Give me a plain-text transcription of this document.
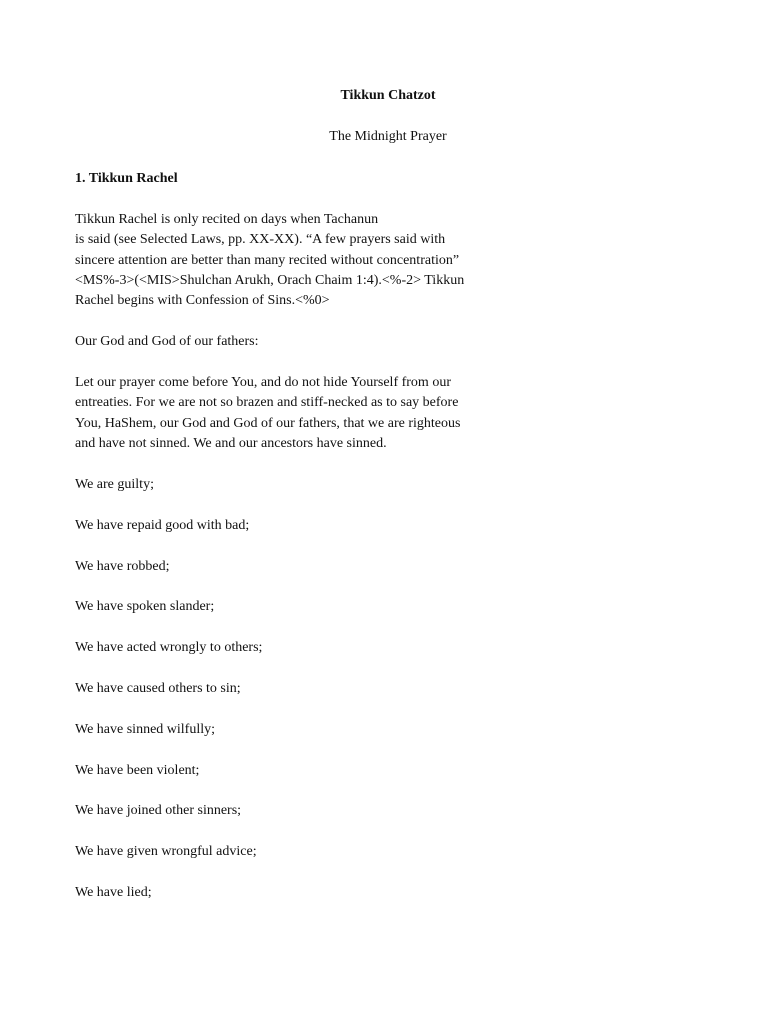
Tikkun Chatzot
The Midnight Prayer
1. Tikkun Rachel
Tikkun Rachel is only recited on days when Tachanun
is said (see Selected Laws, pp. XX-XX). “A few prayers said with
sincere attention are better than many recited without concentration”
<MS%-3>(<MIS>Shulchan Arukh, Orach Chaim 1:4).<%-2> Tikkun
Rachel begins with Confession of Sins.<%0>
Our God and God of our fathers:
Let our prayer come before You, and do not hide Yourself from our
entreaties. For we are not so brazen and stiff-necked as to say before
You, HaShem, our God and God of our fathers, that we are righteous
and have not sinned. We and our ancestors have sinned.
We are guilty;
We have repaid good with bad;
We have robbed;
We have spoken slander;
We have acted wrongly to others;
We have caused others to sin;
We have sinned wilfully;
We have been violent;
We have joined other sinners;
We have given wrongful advice;
We have lied;
